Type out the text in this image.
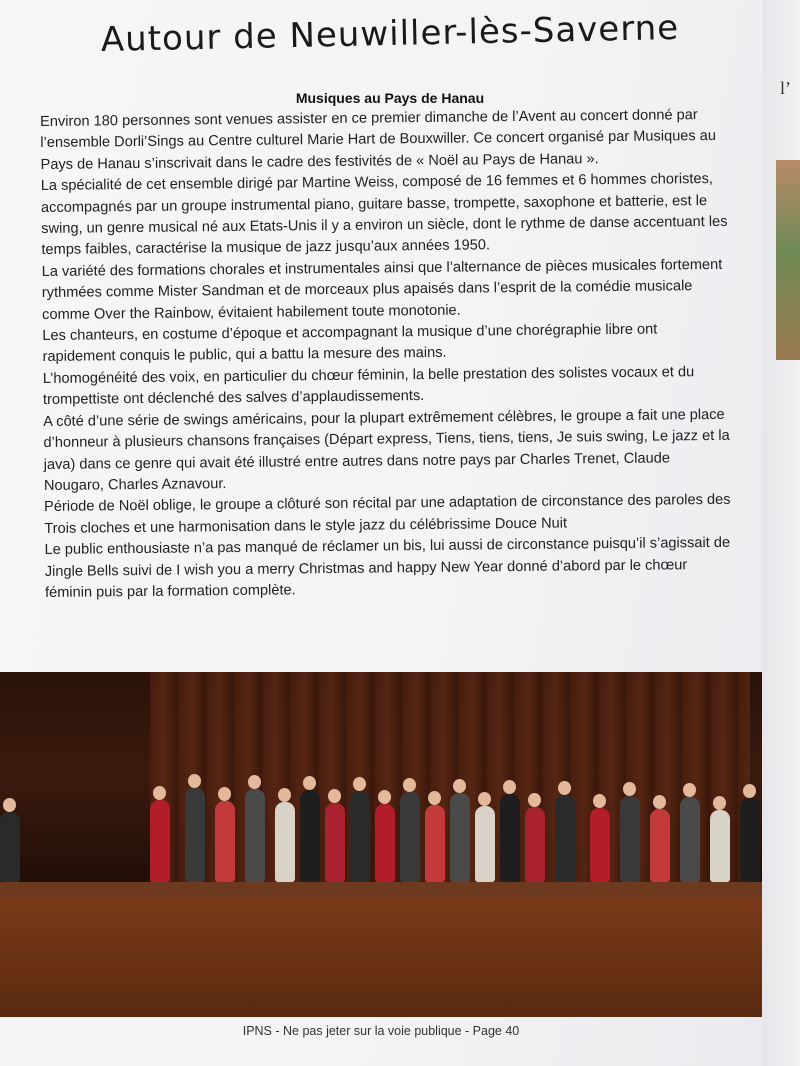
Autour de Neuwiller-lès-Saverne
Musiques au Pays de Hanau

Environ 180 personnes sont venues assister en ce premier dimanche de l’Avent au concert donné par l’ensemble Dorli’Sings au Centre culturel Marie Hart de Bouxwiller. Ce concert organisé par Musiques au Pays de Hanau s’inscrivait dans le cadre des festivités de « Noël au Pays de Hanau ».

La spécialité de cet ensemble dirigé par Martine Weiss, composé de 16 femmes et 6 hommes choristes, accompagnés par un groupe instrumental piano, guitare basse, trompette, saxophone et batterie, est le swing, un genre musical né aux Etats-Unis il y a environ un siècle, dont le rythme de danse accentuant les temps faibles, caractérise la musique de jazz jusqu’aux années 1950.

La variété des formations chorales et instrumentales ainsi que l’alternance de pièces musicales fortement rythmées comme Mister Sandman et de morceaux plus apaisés dans l’esprit de la comédie musicale comme Over the Rainbow, évitaient habilement toute monotonie.

Les chanteurs, en costume d’époque et accompagnant la musique d’une chorégraphie libre ont rapidement conquis le public, qui a battu la mesure des mains.

L’homogénéité des voix, en particulier du chœur féminin, la belle prestation des solistes vocaux et du trompettiste ont déclenché des salves d’applaudissements.

A côté d’une série de swings américains, pour la plupart extrêmement célèbres, le groupe a fait une place d’honneur à plusieurs chansons françaises (Départ express, Tiens, tiens, tiens, Je suis swing, Le jazz et la java) dans ce genre qui avait été illustré entre autres dans notre pays par Charles Trenet, Claude Nougaro, Charles Aznavour.

Période de Noël oblige, le groupe a clôturé son récital par une adaptation de circonstance des paroles des Trois cloches et une harmonisation dans le style jazz du célébrissime Douce Nuit

Le public enthousiaste n’a pas manqué de réclamer un bis, lui aussi de circonstance puisqu’il s’agissait de Jingle Bells suivi de I wish you a merry Christmas and happy New Year donné d’abord par le chœur féminin puis par la formation complète.

IPNS - Ne pas jeter sur la voie publique - Page 40
l’
